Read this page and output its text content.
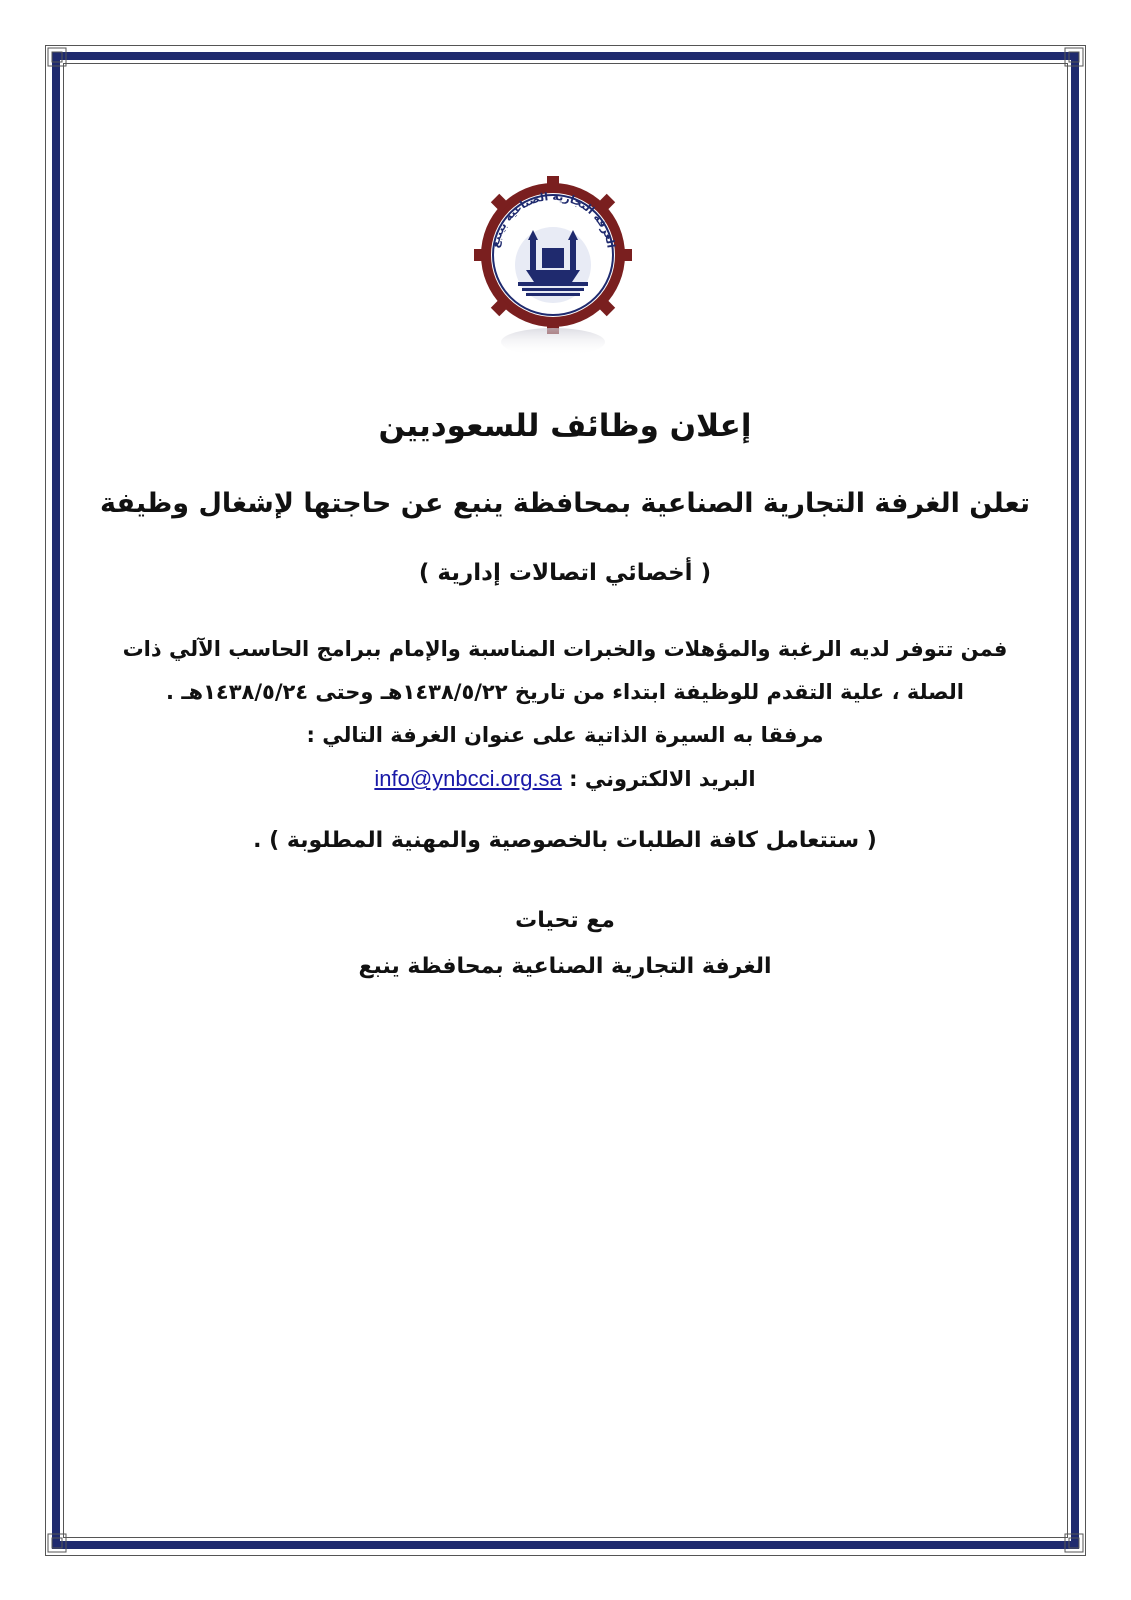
الغرفة التجارية الصناعية بينبع
إعلان وظائف للسعوديين
تعلن الغرفة التجارية الصناعية بمحافظة ينبع عن حاجتها لإشغال وظيفة
( أخصائي اتصالات إدارية )
فمن تتوفر لديه الرغبة والمؤهلات والخبرات المناسبة والإمام ببرامج الحاسب الآلي ذات
الصلة ، علية التقدم للوظيفة ابتداء من تاريخ ١٤٣٨/٥/٢٢هـ وحتى ١٤٣٨/٥/٢٤هـ .
مرفقا به السيرة الذاتية على عنوان الغرفة التالي :
البريد الالكتروني : info@ynbcci.org.sa
( ستتعامل كافة الطلبات بالخصوصية والمهنية المطلوبة ) .
مع تحيات
الغرفة التجارية الصناعية بمحافظة ينبع
